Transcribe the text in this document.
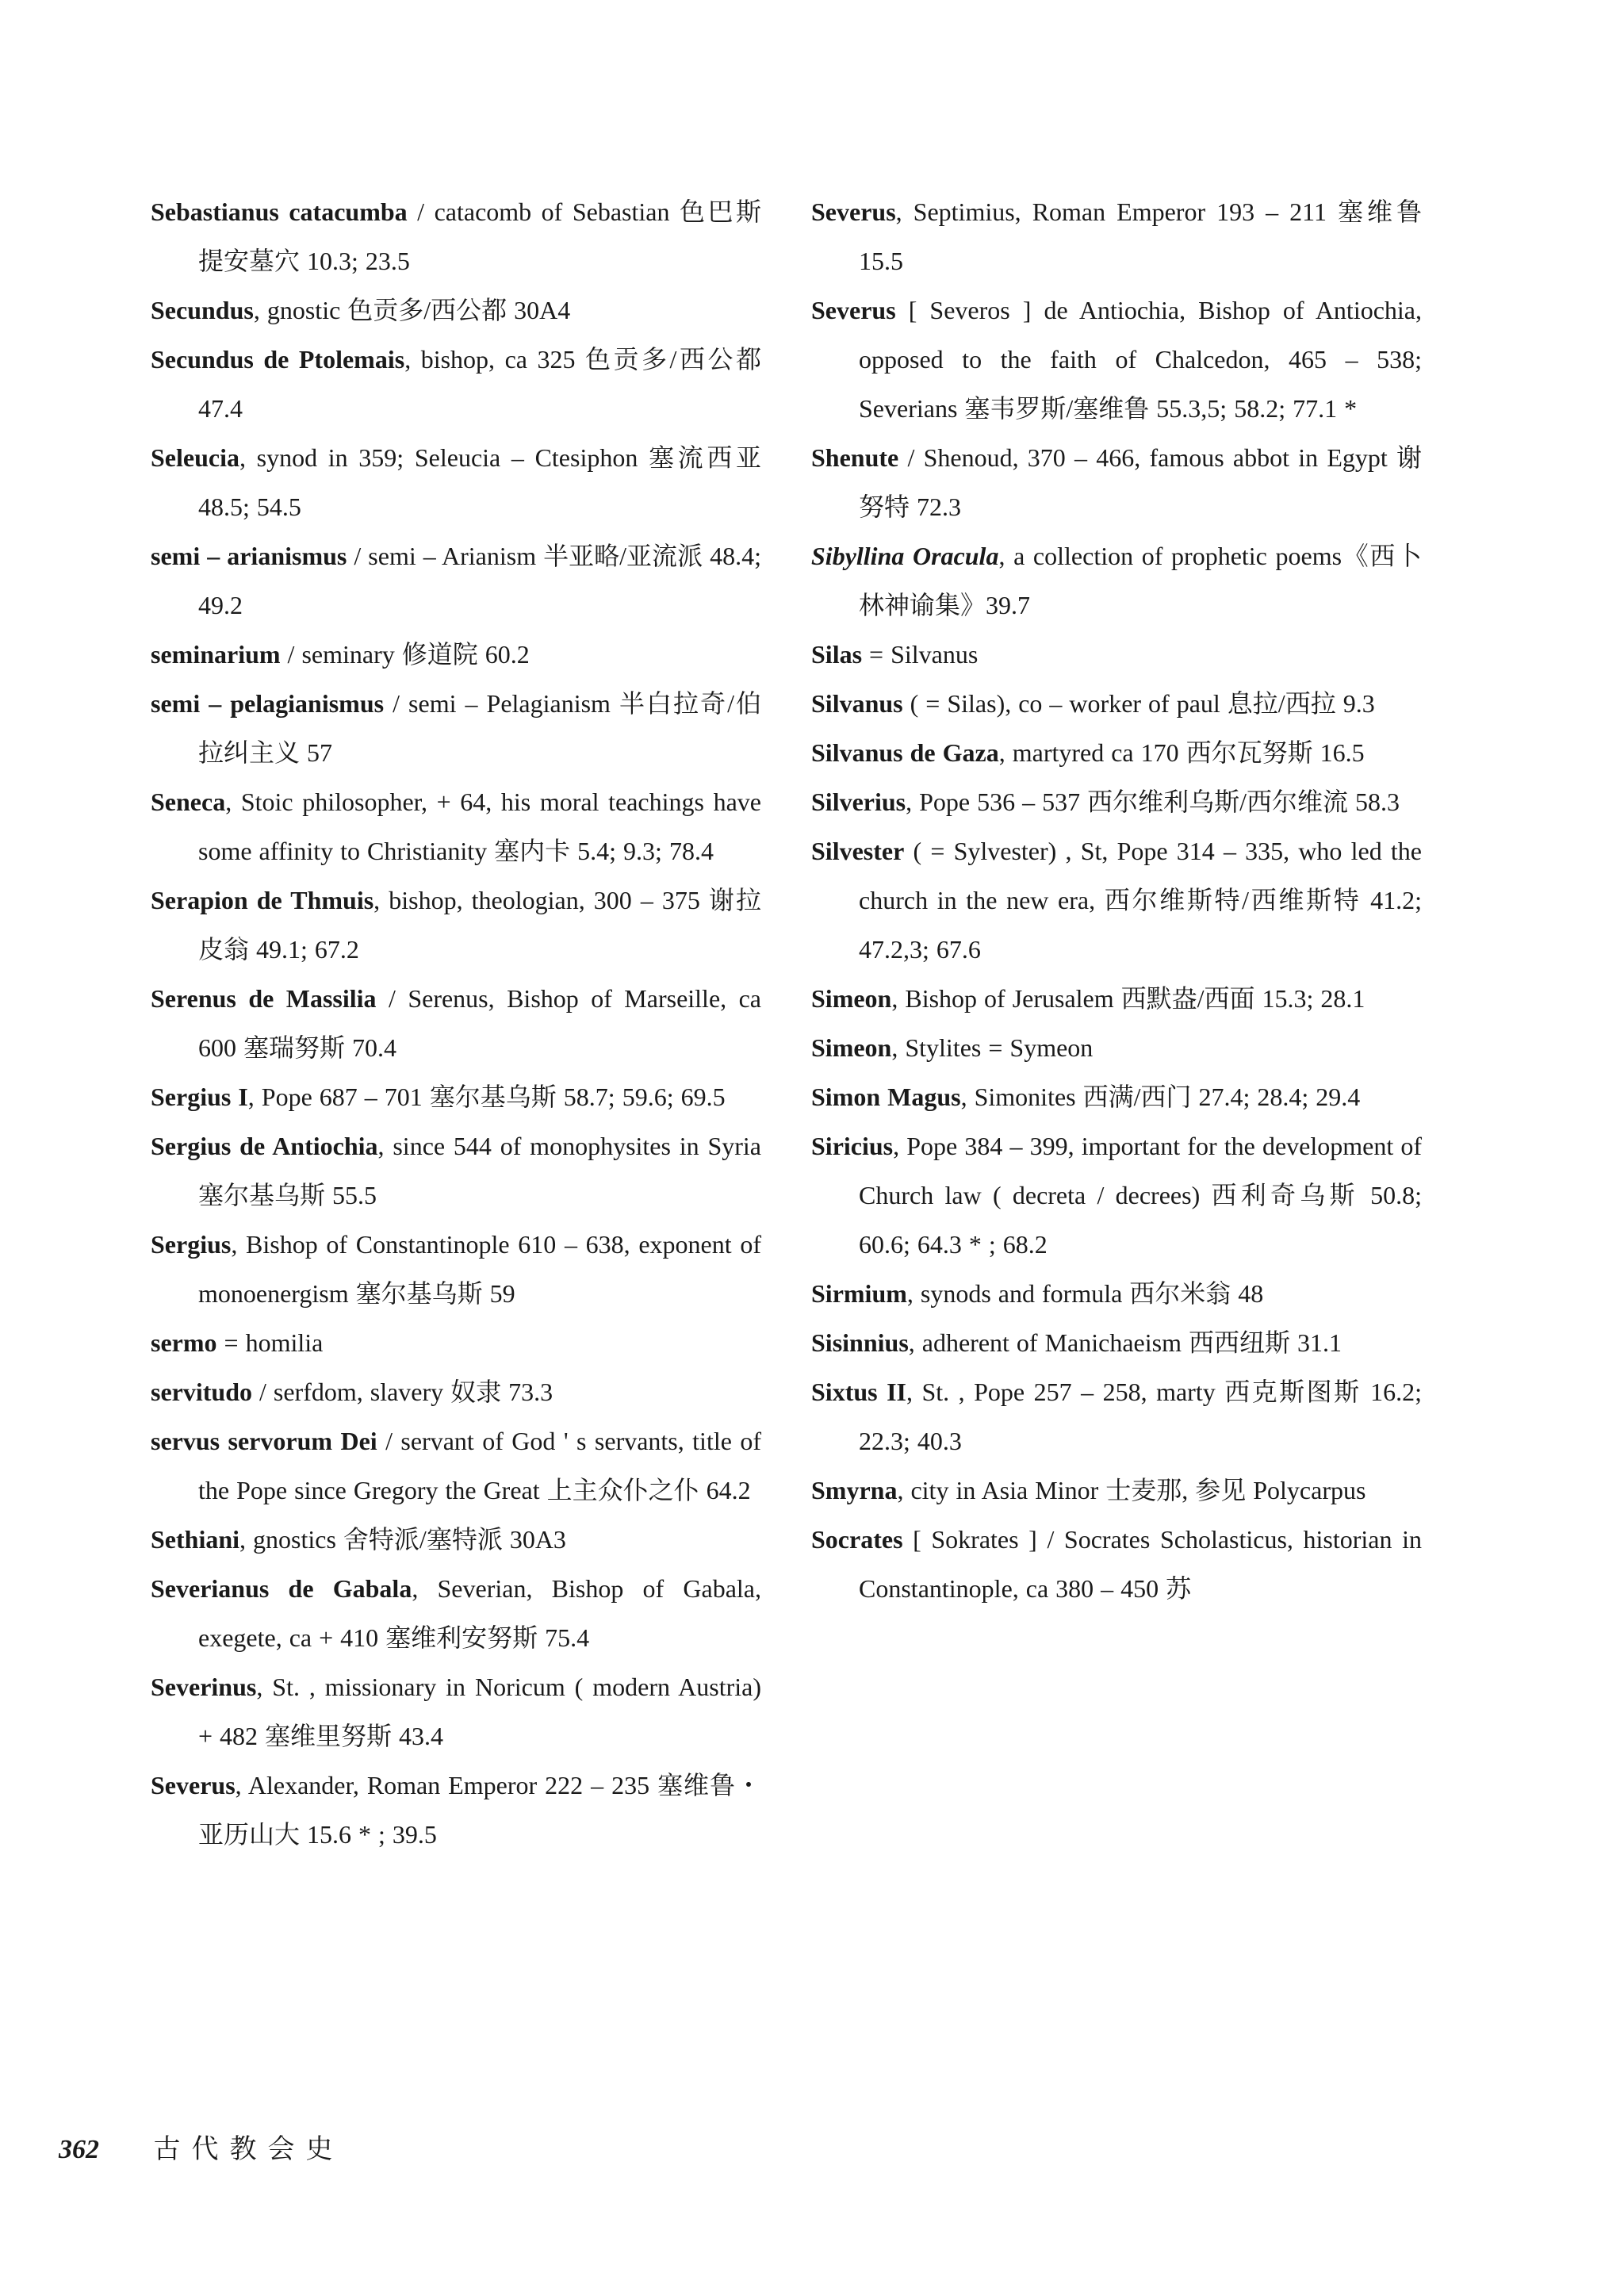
Sebastianus catacumba / catacomb of Sebastian 色巴斯提安墓穴 10.3; 23.5
Secundus, gnostic 色贡多/西公都 30A4
Secundus de Ptolemais, bishop, ca 325 色贡多/西公都 47.4
Seleucia, synod in 359; Seleucia – Ctesiphon 塞流西亚 48.5; 54.5
semi – arianismus / semi – Arianism 半亚略/亚流派 48.4; 49.2
seminarium / seminary 修道院 60.2
semi – pelagianismus / semi – Pelagianism 半白拉奇/伯拉纠主义 57
Seneca, Stoic philosopher, + 64, his moral teachings have some affinity to Christianity 塞内卡 5.4; 9.3; 78.4
Serapion de Thmuis, bishop, theologian, 300 – 375 谢拉皮翁 49.1; 67.2
Serenus de Massilia / Serenus, Bishop of Marseille, ca 600 塞瑞努斯 70.4
Sergius I, Pope 687 – 701 塞尔基乌斯 58.7; 59.6; 69.5
Sergius de Antiochia, since 544 of monophysites in Syria 塞尔基乌斯 55.5
Sergius, Bishop of Constantinople 610 – 638, exponent of monoenergism 塞尔基乌斯 59
sermo = homilia
servitudo / serfdom, slavery 奴隶 73.3
servus servorum Dei / servant of God ' s servants, title of the Pope since Gregory the Great 上主众仆之仆 64.2
Sethiani, gnostics 舍特派/塞特派 30A3
Severianus de Gabala, Severian, Bishop of Gabala, exegete, ca + 410 塞维利安努斯 75.4
Severinus, St. , missionary in Noricum ( modern Austria) + 482 塞维里努斯 43.4
Severus, Alexander, Roman Emperor 222 – 235 塞维鲁・亚历山大 15.6 * ; 39.5
Severus, Septimius, Roman Emperor 193 – 211 塞维鲁 15.5
Severus [ Severos ] de Antiochia, Bishop of Antiochia, opposed to the faith of Chalcedon, 465 – 538; Severians 塞韦罗斯/塞维鲁 55.3,5; 58.2; 77.1 *
Shenute / Shenoud, 370 – 466, famous abbot in Egypt 谢努特 72.3
Sibyllina Oracula, a collection of prophetic poems《西卜林神谕集》39.7
Silas = Silvanus
Silvanus ( = Silas), co – worker of paul 息拉/西拉 9.3
Silvanus de Gaza, martyred ca 170 西尔瓦努斯 16.5
Silverius, Pope 536 – 537 西尔维利乌斯/西尔维流 58.3
Silvester ( = Sylvester) , St, Pope 314 – 335, who led the church in the new era, 西尔维斯特/西维斯特 41.2; 47.2,3; 67.6
Simeon, Bishop of Jerusalem 西默盎/西面 15.3; 28.1
Simeon, Stylites = Symeon
Simon Magus, Simonites 西满/西门 27.4; 28.4; 29.4
Siricius, Pope 384 – 399, important for the development of Church law ( decreta / decrees) 西利奇乌斯 50.8; 60.6; 64.3 * ; 68.2
Sirmium, synods and formula 西尔米翁 48
Sisinnius, adherent of Manichaeism 西西纽斯 31.1
Sixtus II, St. , Pope 257 – 258, marty 西克斯图斯 16.2; 22.3; 40.3
Smyrna, city in Asia Minor 士麦那, 参见 Polycarpus
Socrates [ Sokrates ] / Socrates Scholasticus, historian in Constantinople, ca 380 – 450 苏
362 古代教会史
